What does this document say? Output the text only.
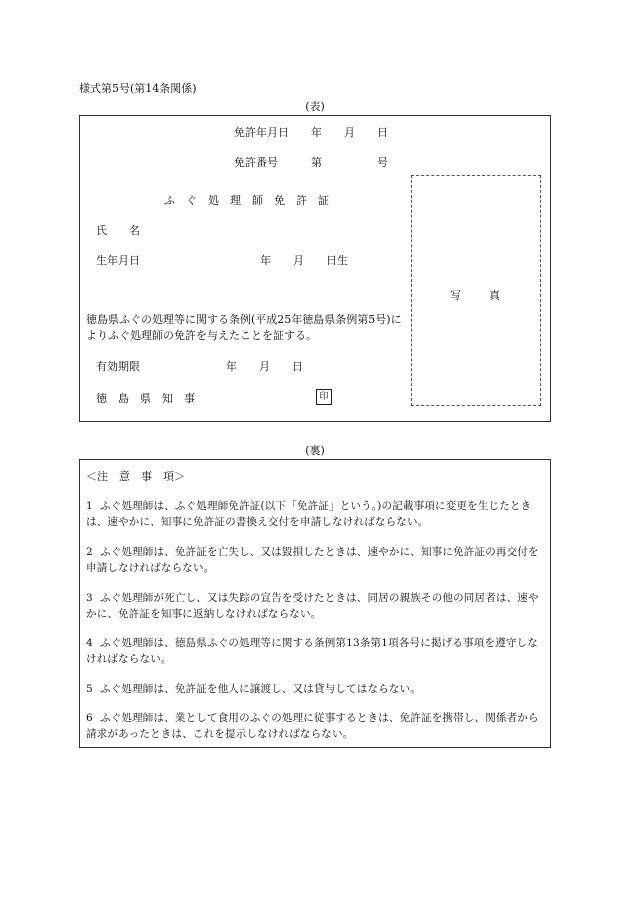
様式第5号(第14条関係)
(表)
免許年月日　　年　　月　　日
免許番号　　　第　　　　　号
ふ　ぐ　処　理　師　免　許　証
氏　　名
生年月日	年　　月　　日生
写　　真
徳島県ふぐの処理等に関する条例(平成25年徳島県条例第5号)によりふぐ処理師の免許を与えたことを証する。
有効期限	年　　月　　日
徳　島　県　知　事	印
(裏)
＜注　意　事　項＞
1 ふぐ処理師は、ふぐ処理師免許証(以下「免許証」という。)の記載事項に変更を生じたときは、速やかに、知事に免許証の書換え交付を申請しなければならない。
2 ふぐ処理師は、免許証を亡失し、又は毀損したときは、速やかに、知事に免許証の再交付を申請しなければならない。
3 ふぐ処理師が死亡し、又は失踪の宣告を受けたときは、同居の親族その他の同居者は、速やかに、免許証を知事に返納しなければならない。
4 ふぐ処理師は、徳島県ふぐの処理等に関する条例第13条第1項各号に掲げる事項を遵守しなければならない。
5 ふぐ処理師は、免許証を他人に譲渡し、又は貸与してはならない。
6 ふぐ処理師は、業として食用のふぐの処理に従事するときは、免許証を携帯し、関係者から請求があったときは、これを提示しなければならない。
